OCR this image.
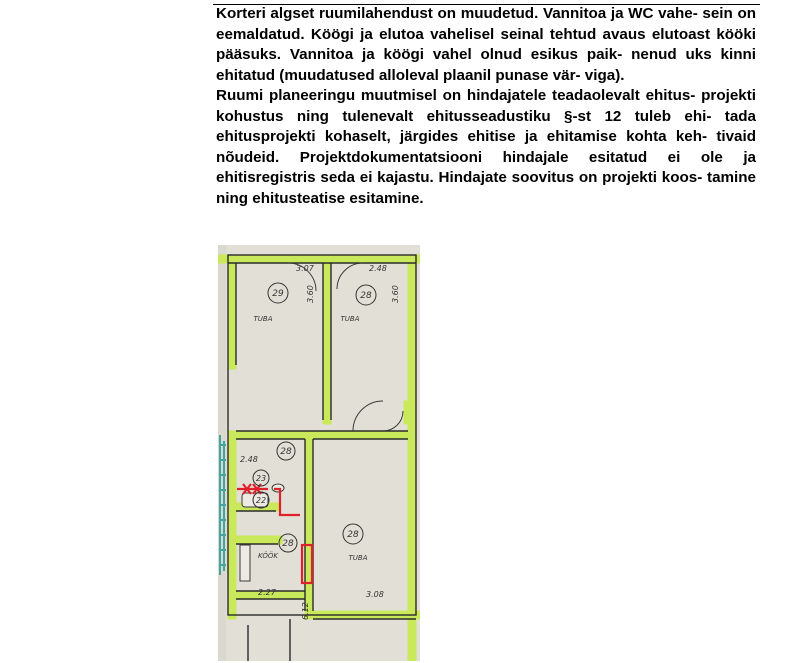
Korteri algset ruumilahendust on muudetud. Vannitoa ja WC vahe- sein on eemaldatud. Köögi ja elutoa vahelisel seinal tehtud avaus elutoast kööki pääsuks. Vannitoa ja köögi vahel olnud esikus paik- nenud uks kinni ehitatud (muudatused alloleval plaanil punase vär- viga).

Ruumi planeeringu muutmisel on hindajatele teadaolevalt ehitus- projekti kohustus ning tulenevalt ehitusseadustiku §-st 12 tuleb ehi- tada ehitusprojekti kohaselt, järgides ehitise ja ehitamise kohta keh- tivaid nõudeid. Projektdokumentatsiooni hindajale esitatud ei ole ja ehitisregistris seda ei kajastu. Hindajate soovitus on projekti koos- tamine ning ehitusteatise esitamine.

29	28
28
23
22
28
28
TUBA	TUBA
KÖÖK	TUBA
3.07	2.48
3.60	3.60
2.48
2.27
6.12
3.08
